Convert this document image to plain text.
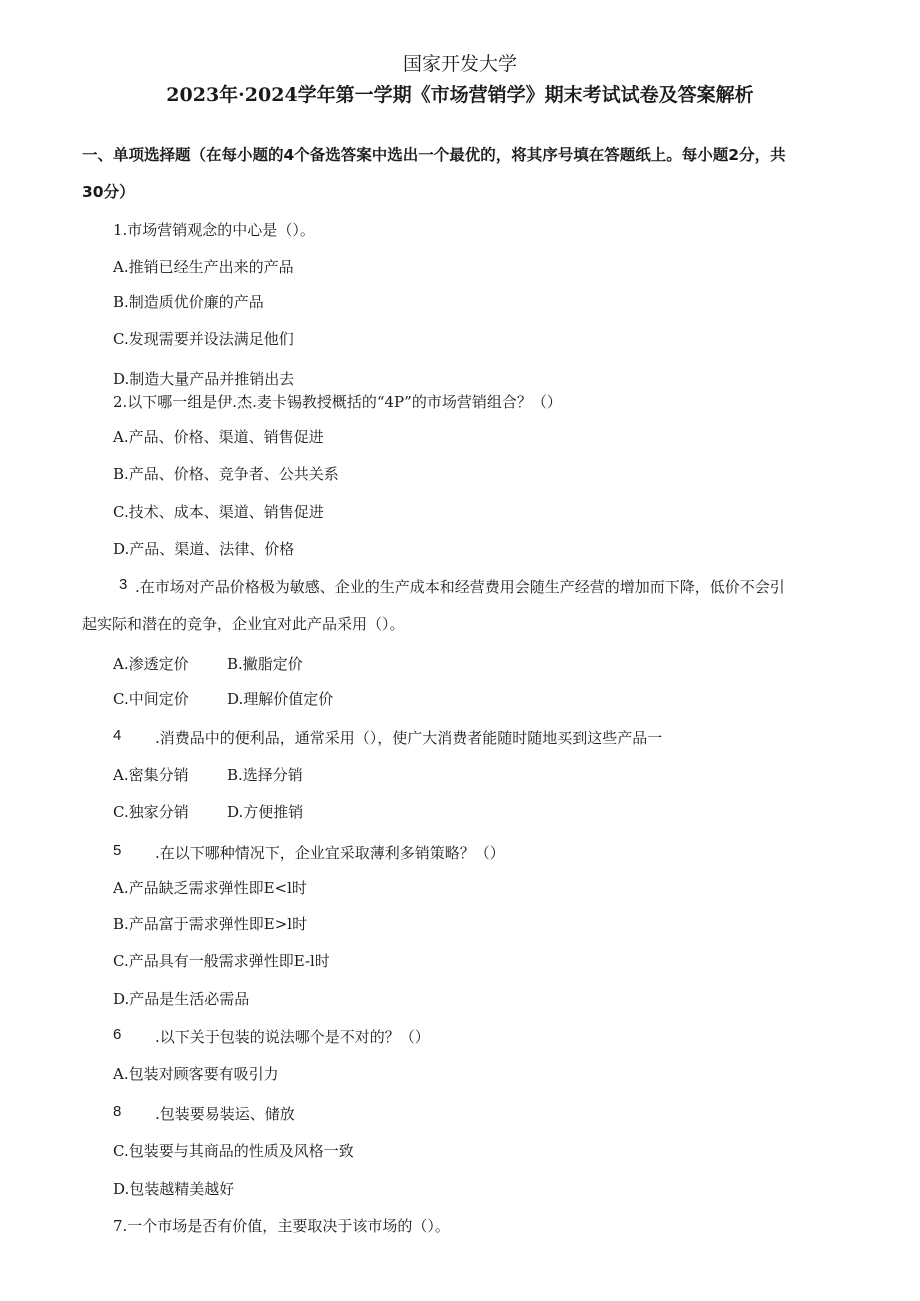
国家开发大学
2023年·2024学年第一学期《市场营销学》期末考试试卷及答案解析
一、单项选择题（在每小题的4个备选答案中选出一个最优的，将其序号填在答题纸上。每小题2分，共
30分）
1.市场营销观念的中心是（）。
A.推销已经生产出来的产品
B.制造质优价廉的产品
C.发现需要并设法满足他们
D.制造大量产品并推销出去
2.以下哪一组是伊.杰.麦卡锡教授概括的“4P”的市场营销组合？（）
A.产品、价格、渠道、销售促进
B.产品、价格、竞争者、公共关系
C.技术、成本、渠道、销售促进
D.产品、渠道、法律、价格
3 .在市场对产品价格极为敏感、企业的生产成本和经营费用会随生产经营的增加而下降，低价不会引
起实际和潜在的竞争，企业宜对此产品采用（）。
A.渗透定价	B.撇脂定价
C.中间定价	D.理解价值定价
4 .消费品中的便利品，通常采用（），使广大消费者能随时随地买到这些产品一
A.密集分销	B.选择分销
C.独家分销	D.方便推销
5 .在以下哪种情况下，企业宜采取薄利多销策略？（）
A.产品缺乏需求弹性即E<l时
B.产品富于需求弹性即E>l时
C.产品具有一般需求弹性即E-l时
D.产品是生活必需品
6 .以下关于包装的说法哪个是不对的？（）
A.包装对顾客要有吸引力
8 .包装要易装运、储放
C.包装要与其商品的性质及风格一致
D.包装越精美越好
7.一个市场是否有价值，主要取决于该市场的（）。
